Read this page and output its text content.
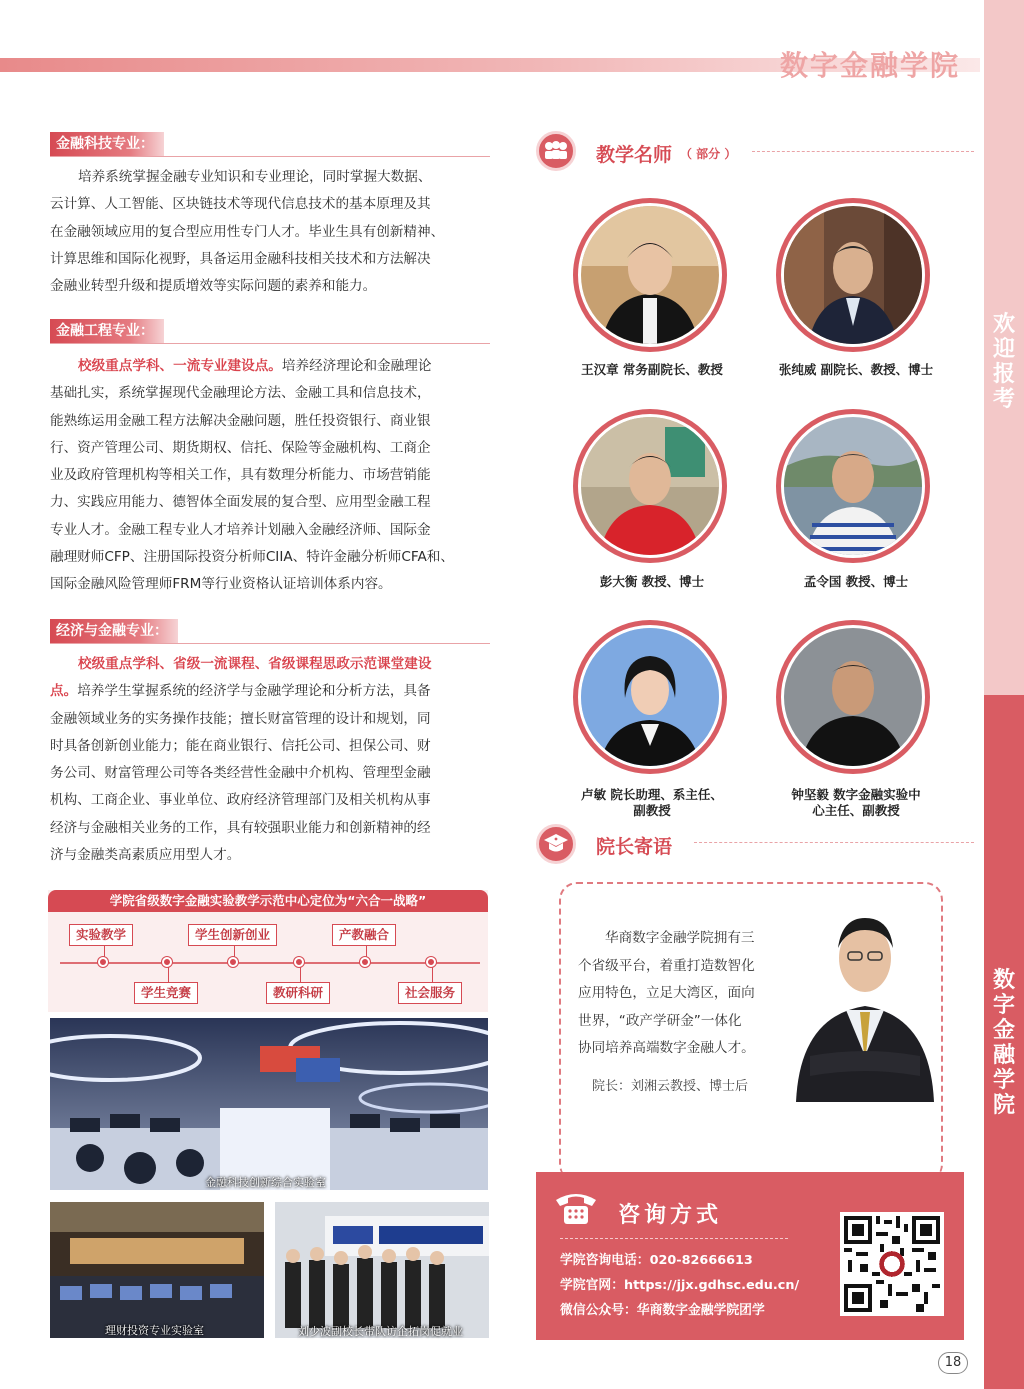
数字金融学院
欢
迎
报
考
数
字
金
融
学
院
金融科技专业：
培养系统掌握金融专业知识和专业理论，同时掌握大数据、
云计算、人工智能、区块链技术等现代信息技术的基本原理及其
在金融领域应用的复合型应用性专门人才。毕业生具有创新精神、
计算思维和国际化视野，具备运用金融科技相关技术和方法解决
金融业转型升级和提质增效等实际问题的素养和能力。
金融工程专业：
校级重点学科、一流专业建设点。培养经济理论和金融理论
基础扎实，系统掌握现代金融理论方法、金融工具和信息技术，
能熟练运用金融工程方法解决金融问题，胜任投资银行、商业银
行、资产管理公司、期货期权、信托、保险等金融机构、工商企
业及政府管理机构等相关工作，具有数理分析能力、市场营销能
力、实践应用能力、德智体全面发展的复合型、应用型金融工程
专业人才。金融工程专业人才培养计划融入金融经济师、国际金
融理财师CFP、注册国际投资分析师CIIA、特许金融分析师CFA和、
国际金融风险管理师FRM等行业资格认证培训体系内容。
经济与金融专业：
校级重点学科、省级一流课程、省级课程思政示范课堂建设
点。培养学生掌握系统的经济学与金融学理论和分析方法，具备
金融领域业务的实务操作技能；擅长财富管理的设计和规划，同
时具备创新创业能力；能在商业银行、信托公司、担保公司、财
务公司、财富管理公司等各类经营性金融中介机构、管理型金融
机构、工商企业、事业单位、政府经济管理部门及相关机构从事
经济与金融相关业务的工作，具有较强职业能力和创新精神的经
济与金融类高素质应用型人才。
学院省级数字金融实验教学示范中心定位为“六合一战略”
实验教学	学生创新创业	产教融合
学生竞赛	教研科研	社会服务
金融科技创新综合实验室
理财投资专业实验室	刘少波副校长带队访企拓岗促就业
教学名师 （ 部分 ）
王汉章 常务副院长、教授	张纯威 副院长、教授、博士
彭大衡 教授、博士	孟令国 教授、博士
卢敏 院长助理、系主任、
副教授
钟坚毅 数字金融实验中
心主任、副教授
院长寄语
华商数字金融学院拥有三
个省级平台，着重打造数智化
应用特色，立足大湾区，面向
世界，“政产学研金”一体化
协同培养高端数字金融人才。
院长：刘湘云教授、博士后
咨询方式
学院咨询电话：020-82666613
学院官网：https://jjx.gdhsc.edu.cn/
微信公众号：华商数字金融学院团学
18
